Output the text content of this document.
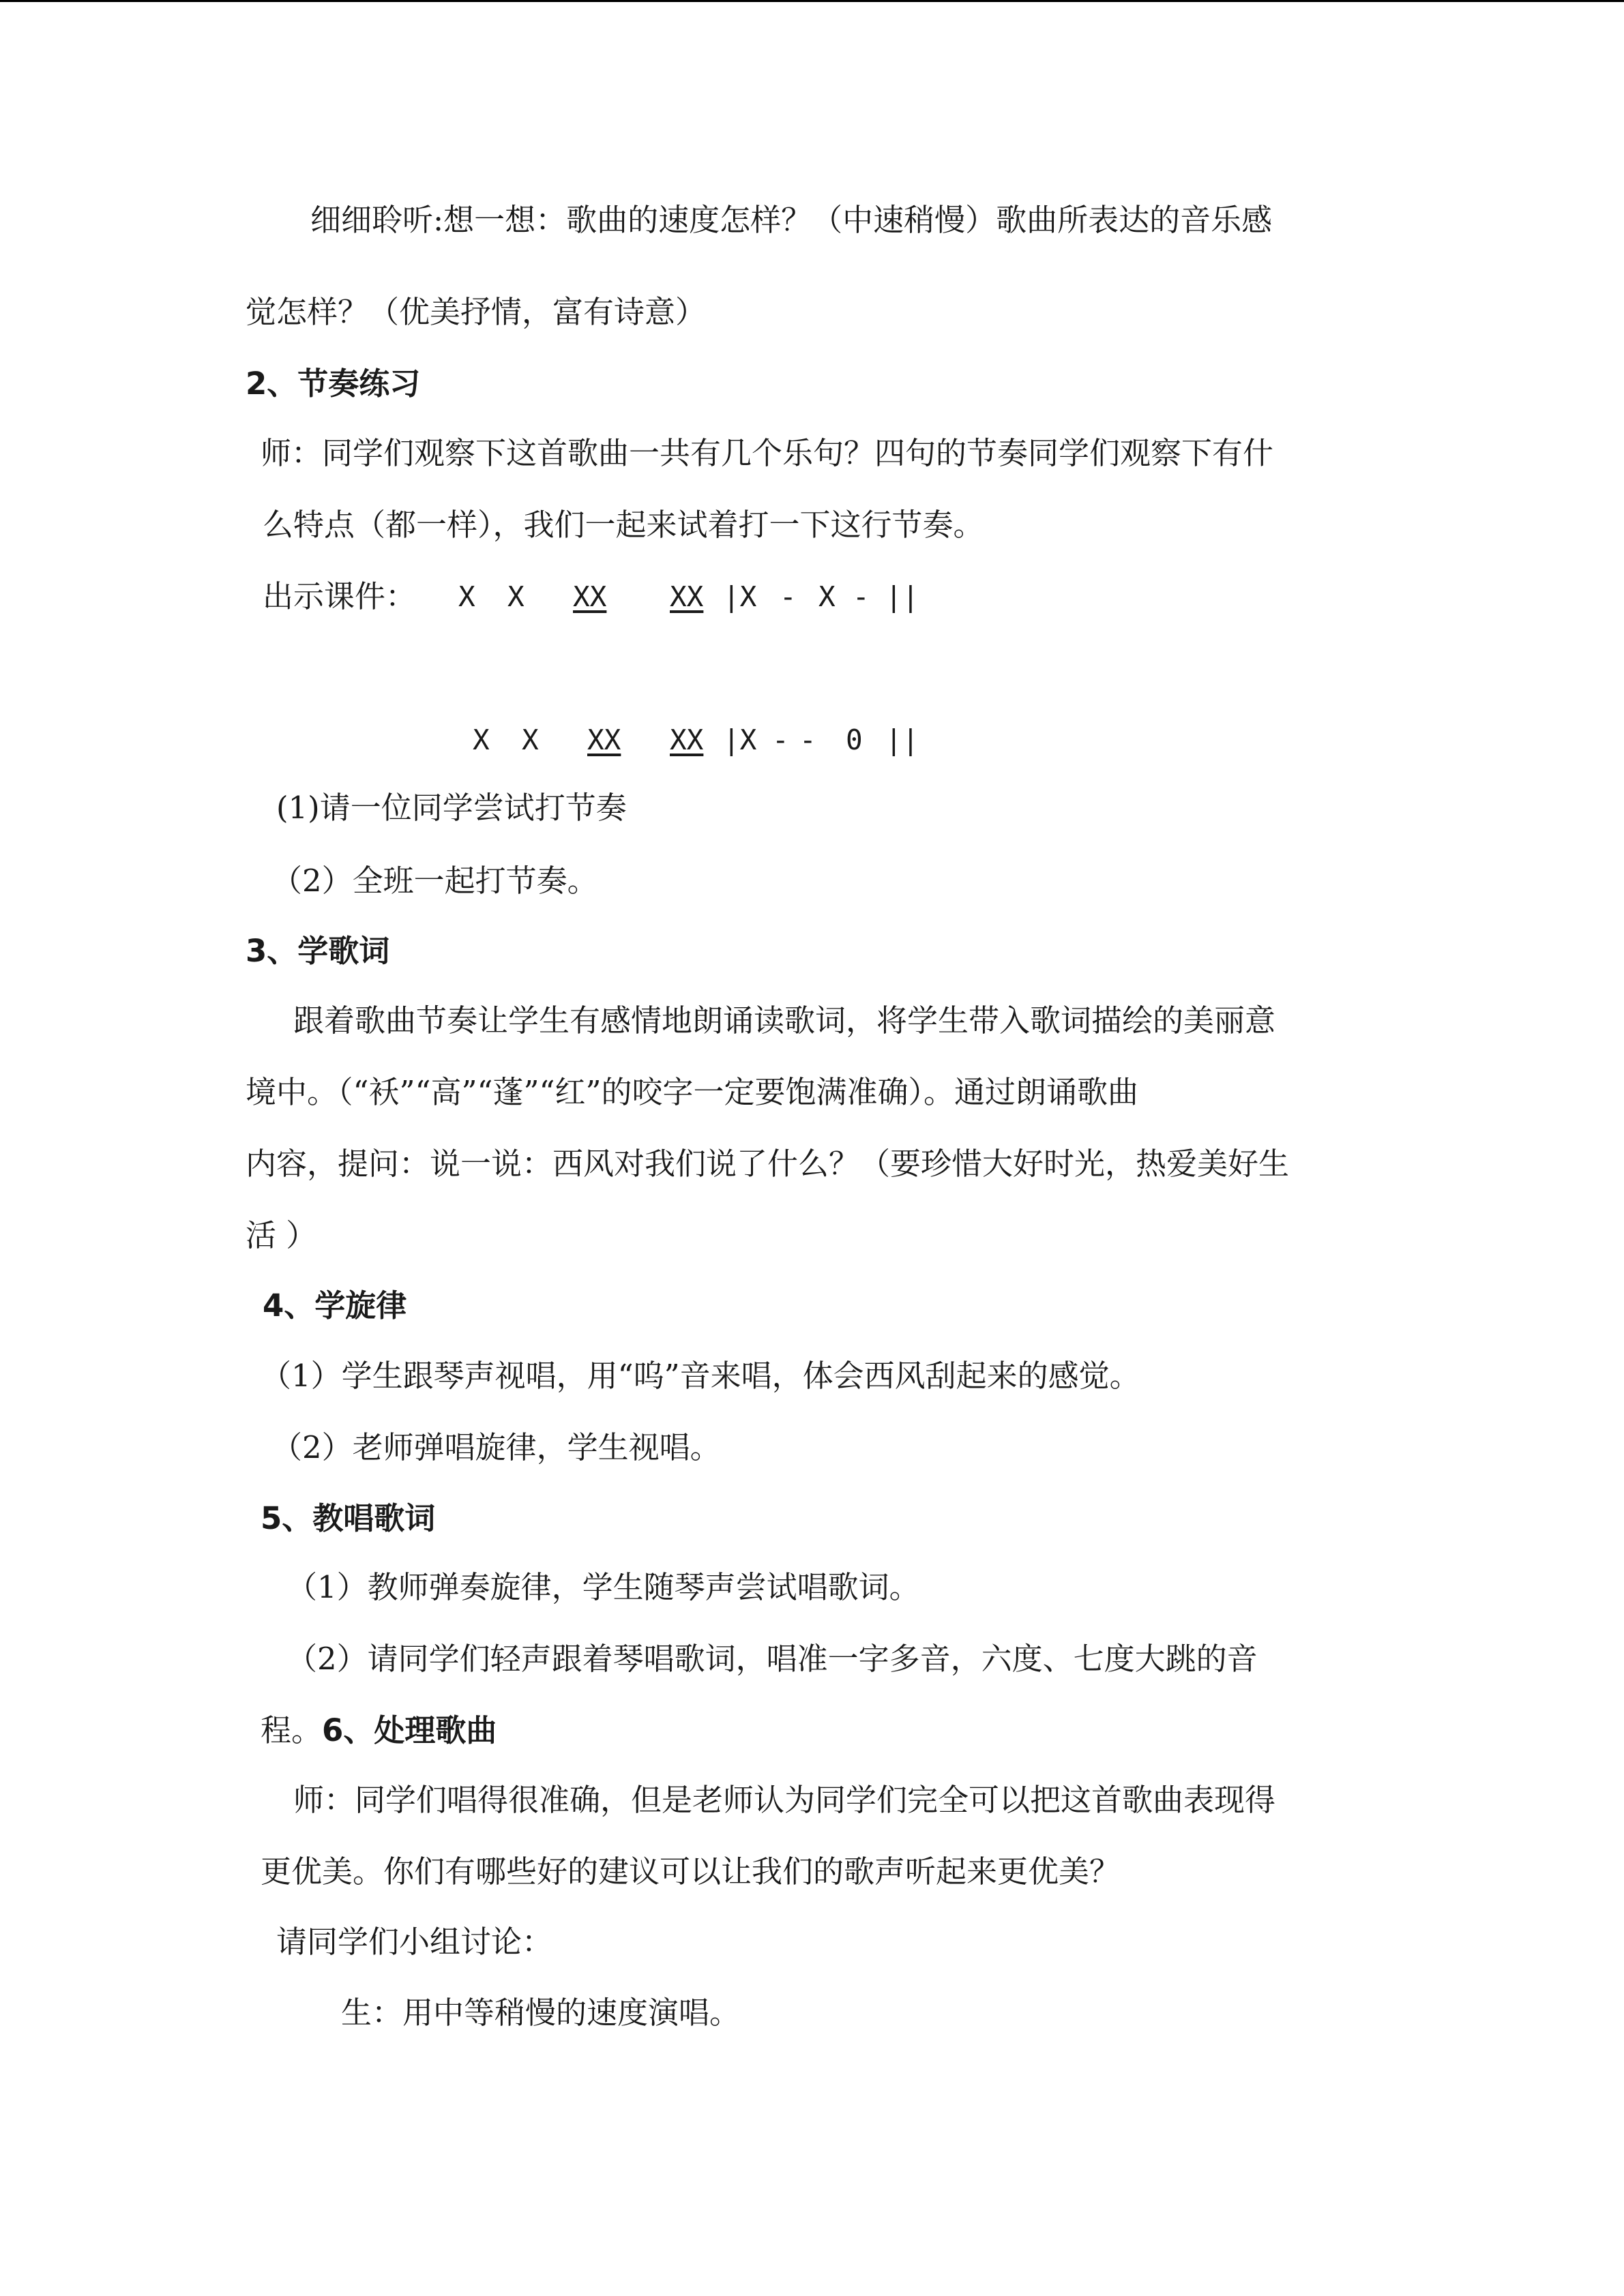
细细聆听:想一想：歌曲的速度怎样？（中速稍慢）歌曲所表达的音乐感
觉怎样？（优美抒情，富有诗意）
2、节奏练习
师：同学们观察下这首歌曲一共有几个乐句？四句的节奏同学们观察下有什
么特点（都一样），我们一起来试着打一下这行节奏。
出示课件： X X XX XX |X - X - ||
X X XX XX |X - - 0 ||
(1)请一位同学尝试打节奏
（2）全班一起打节奏。
3、学歌词
跟着歌曲节奏让学生有感情地朗诵读歌词，将学生带入歌词描绘的美丽意
境中。（“袄”“高”“蓬”“红”的咬字一定要饱满准确）。通过朗诵歌曲
内容，提问：说一说：西风对我们说了什么？（要珍惜大好时光，热爱美好生
活 ）
4、学旋律
（1）学生跟琴声视唱，用“呜”音来唱，体会西风刮起来的感觉。
（2）老师弹唱旋律，学生视唱。
5、教唱歌词
（1）教师弹奏旋律，学生随琴声尝试唱歌词。
（2）请同学们轻声跟着琴唱歌词，唱准一字多音，六度、七度大跳的音
程。6、处理歌曲
师：同学们唱得很准确，但是老师认为同学们完全可以把这首歌曲表现得
更优美。你们有哪些好的建议可以让我们的歌声听起来更优美？
请同学们小组讨论：
生：用中等稍慢的速度演唱。
